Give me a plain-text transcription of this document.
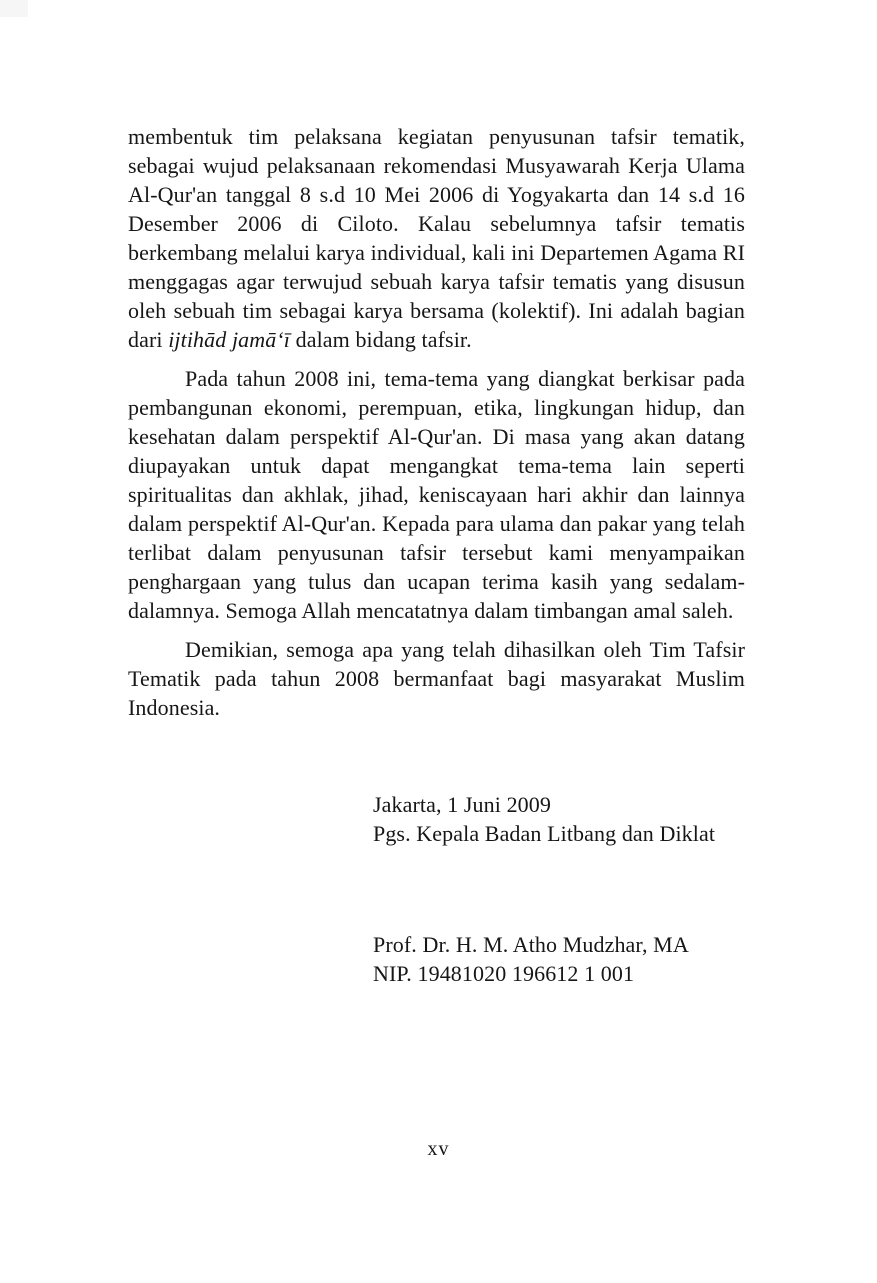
membentuk tim pelaksana kegiatan penyusunan tafsir tematik, sebagai wujud pelaksanaan rekomendasi Musyawarah Kerja Ulama Al-Qur'an tanggal 8 s.d 10 Mei 2006 di Yogyakarta dan 14 s.d 16 Desember 2006 di Ciloto. Kalau sebelumnya tafsir tematis berkembang melalui karya individual, kali ini Departemen Agama RI menggagas agar terwujud sebuah karya tafsir tematis yang disusun oleh sebuah tim sebagai karya bersama (kolektif). Ini adalah bagian dari ijtihād jamā‘ī dalam bidang tafsir.

Pada tahun 2008 ini, tema-tema yang diangkat berkisar pada pembangunan ekonomi, perempuan, etika, lingkungan hidup, dan kesehatan dalam perspektif Al-Qur'an. Di masa yang akan datang diupayakan untuk dapat mengangkat tema-tema lain seperti spiritualitas dan akhlak, jihad, keniscayaan hari akhir dan lainnya dalam perspektif Al-Qur'an. Kepada para ulama dan pakar yang telah terlibat dalam penyusunan tafsir tersebut kami menyampaikan penghargaan yang tulus dan ucapan terima kasih yang sedalam-dalamnya. Semoga Allah mencatatnya dalam timbangan amal saleh.

Demikian, semoga apa yang telah dihasilkan oleh Tim Tafsir Tematik pada tahun 2008 bermanfaat bagi masyarakat Muslim Indonesia.

Jakarta, 1 Juni 2009
Pgs. Kepala Badan Litbang dan Diklat
Prof. Dr. H. M. Atho Mudzhar, MA
NIP. 19481020 196612 1 001
xv
